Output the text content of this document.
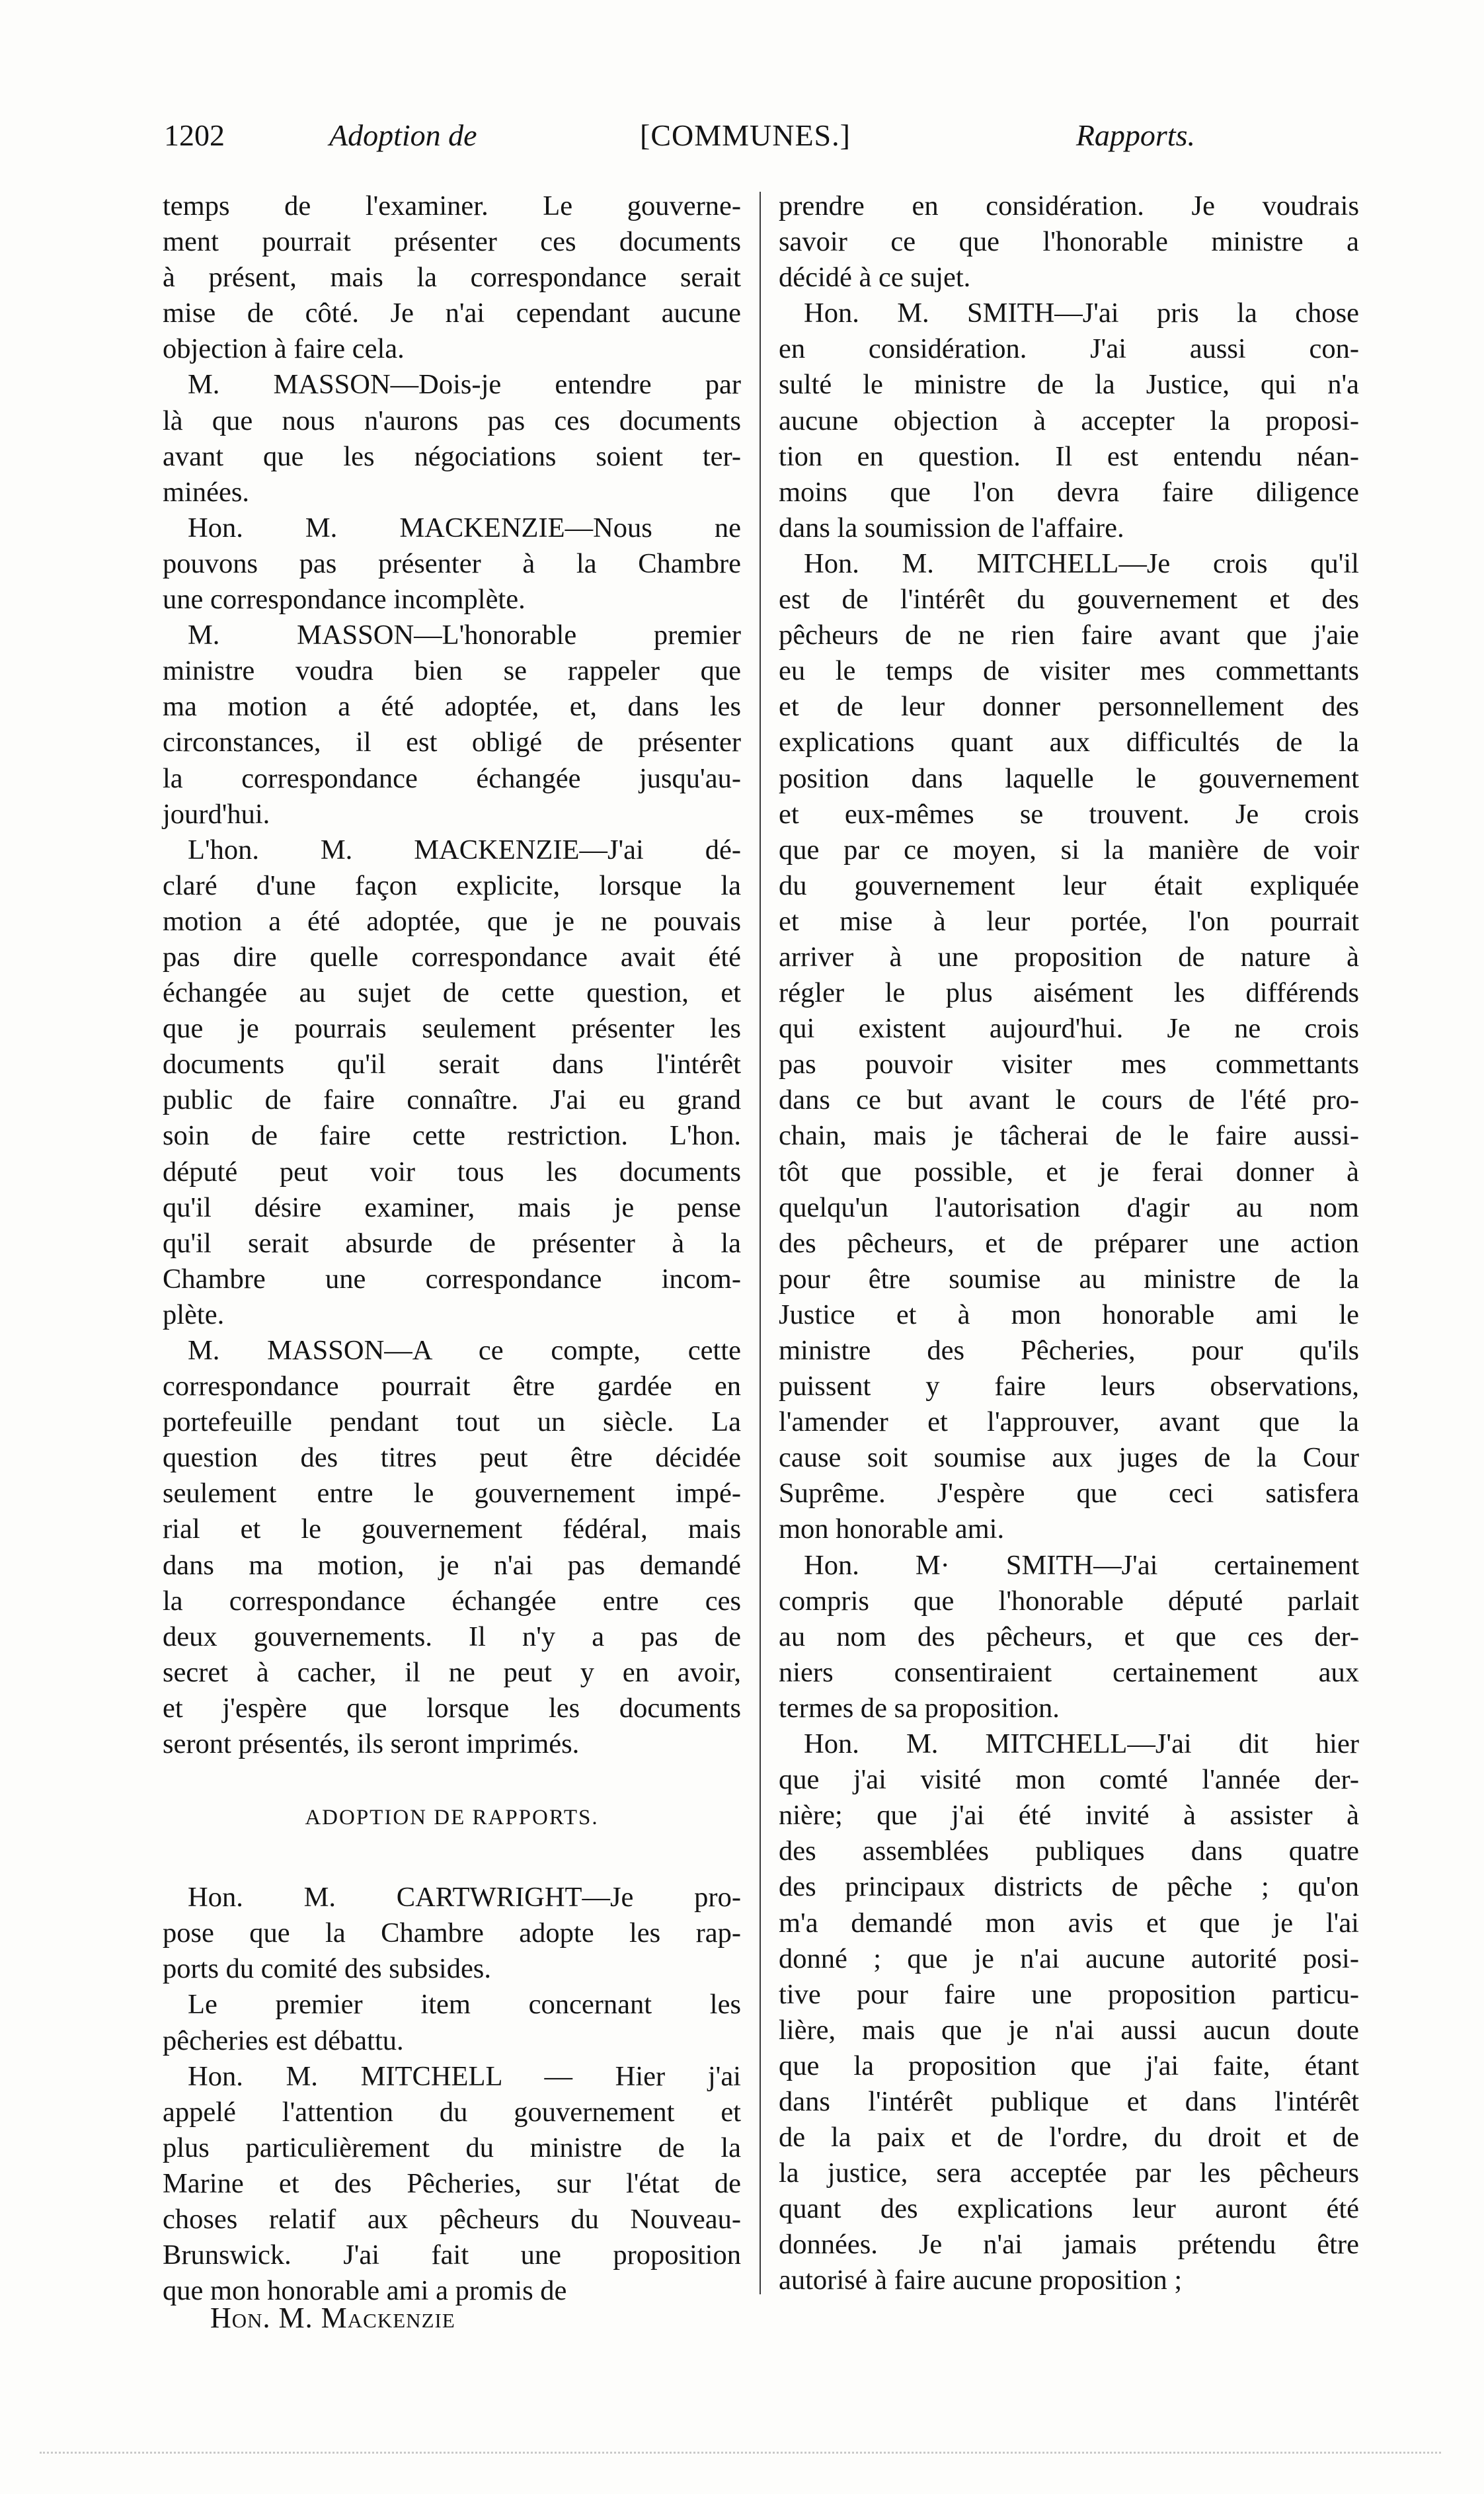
1202	Adoption de	[COMMUNES.]	Rapports.
temps de l'examiner. Le gouverne-
ment pourrait présenter ces documents
à présent, mais la correspondance serait
mise de côté. Je n'ai cependant aucune
objection à faire cela.
M. MASSON—Dois-je entendre par
là que nous n'aurons pas ces documents
avant que les négociations soient ter-
minées.
Hon. M. MACKENZIE—Nous ne
pouvons pas présenter à la Chambre
une correspondance incomplète.
M. MASSON—L'honorable premier
ministre voudra bien se rappeler que
ma motion a été adoptée, et, dans les
circonstances, il est obligé de présenter
la correspondance échangée jusqu'au-
jourd'hui.
L'hon. M. MACKENZIE—J'ai dé-
claré d'une façon explicite, lorsque la
motion a été adoptée, que je ne pouvais
pas dire quelle correspondance avait été
échangée au sujet de cette question, et
que je pourrais seulement présenter les
documents qu'il serait dans l'intérêt
public de faire connaître. J'ai eu grand
soin de faire cette restriction. L'hon.
député peut voir tous les documents
qu'il désire examiner, mais je pense
qu'il serait absurde de présenter à la
Chambre une correspondance incom-
plète.
M. MASSON—A ce compte, cette
correspondance pourrait être gardée en
portefeuille pendant tout un siècle. La
question des titres peut être décidée
seulement entre le gouvernement impé-
rial et le gouvernement fédéral, mais
dans ma motion, je n'ai pas demandé
la correspondance échangée entre ces
deux gouvernements. Il n'y a pas de
secret à cacher, il ne peut y en avoir,
et j'espère que lorsque les documents
seront présentés, ils seront imprimés.
ADOPTION DE RAPPORTS.
Hon. M. CARTWRIGHT—Je pro-
pose que la Chambre adopte les rap-
ports du comité des subsides.
Le premier item concernant les
pêcheries est débattu.
Hon. M. MITCHELL — Hier j'ai
appelé l'attention du gouvernement et
plus particulièrement du ministre de la
Marine et des Pêcheries, sur l'état de
choses relatif aux pêcheurs du Nouveau-
Brunswick. J'ai fait une proposition
que mon honorable ami a promis de
prendre en considération. Je voudrais
savoir ce que l'honorable ministre a
décidé à ce sujet.
Hon. M. SMITH—J'ai pris la chose
en considération. J'ai aussi con-
sulté le ministre de la Justice, qui n'a
aucune objection à accepter la proposi-
tion en question. Il est entendu néan-
moins que l'on devra faire diligence
dans la soumission de l'affaire.
Hon. M. MITCHELL—Je crois qu'il
est de l'intérêt du gouvernement et des
pêcheurs de ne rien faire avant que j'aie
eu le temps de visiter mes commettants
et de leur donner personnellement des
explications quant aux difficultés de la
position dans laquelle le gouvernement
et eux-mêmes se trouvent. Je crois
que par ce moyen, si la manière de voir
du gouvernement leur était expliquée
et mise à leur portée, l'on pourrait
arriver à une proposition de nature à
régler le plus aisément les différends
qui existent aujourd'hui. Je ne crois
pas pouvoir visiter mes commettants
dans ce but avant le cours de l'été pro-
chain, mais je tâcherai de le faire aussi-
tôt que possible, et je ferai donner à
quelqu'un l'autorisation d'agir au nom
des pêcheurs, et de préparer une action
pour être soumise au ministre de la
Justice et à mon honorable ami le
ministre des Pêcheries, pour qu'ils
puissent y faire leurs observations,
l'amender et l'approuver, avant que la
cause soit soumise aux juges de la Cour
Suprême. J'espère que ceci satisfera
mon honorable ami.
Hon. M· SMITH—J'ai certainement
compris que l'honorable député parlait
au nom des pêcheurs, et que ces der-
niers consentiraient certainement aux
termes de sa proposition.
Hon. M. MITCHELL—J'ai dit hier
que j'ai visité mon comté l'année der-
nière; que j'ai été invité à assister à
des assemblées publiques dans quatre
des principaux districts de pêche ; qu'on
m'a demandé mon avis et que je l'ai
donné ; que je n'ai aucune autorité posi-
tive pour faire une proposition particu-
lière, mais que je n'ai aussi aucun doute
que la proposition que j'ai faite, étant
dans l'intérêt publique et dans l'intérêt
de la paix et de l'ordre, du droit et de
la justice, sera acceptée par les pêcheurs
quant des explications leur auront été
données. Je n'ai jamais prétendu être
autorisé à faire aucune proposition ;
Hon. M. Mackenzie
